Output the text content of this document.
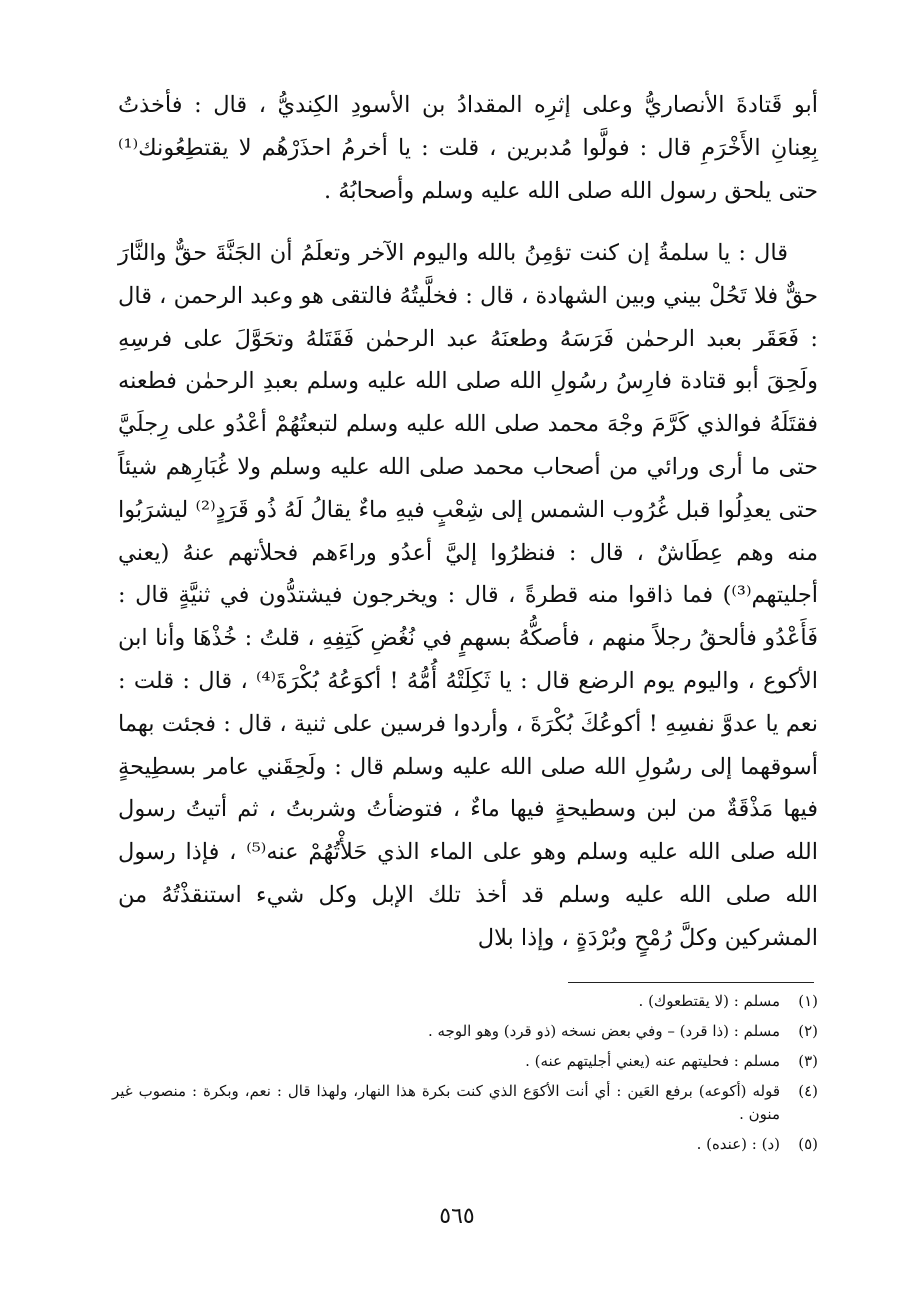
أبو قَتادةَ الأنصاريُّ وعلى إثرِه المقدادُ بن الأسودِ الكِنديُّ ، قال : فأخذتُ بِعِنانِ الأَخْرَمِ قال : فولَّوا مُدبرين ، قلت : يا أخرمُ احذَرْهُم لا يقتطِعُونك⁽¹⁾ حتى يلحق رسول الله صلى الله عليه وسلم وأصحابُهُ .

قال : يا سلمةُ إن كنت تؤمِنُ بالله واليوم الآخر وتعلَمُ أن الجَنَّةَ حقٌّ والنَّارَ حقٌّ فلا تَحُلْ بيني وبين الشهادة ، قال : فخلَّيتُهُ فالتقى هو وعبد الرحمن ، قال : فَعَقَر بعبد الرحمٰن فَرَسَهُ وطعنَهُ عبد الرحمٰن فَقَتَلهُ وتحَوَّلَ على فرسِهِ ولَحِقَ أبو قتادة فارِسُ رسُولِ الله صلى الله عليه وسلم بعبدِ الرحمٰن فطعنه فقتَلَهُ فوالذي كَرَّمَ وجْهَ محمد صلى الله عليه وسلم لتبعتُهُمْ أعْدُو على رِجلَيَّ حتى ما أرى ورائي من أصحاب محمد صلى الله عليه وسلم ولا غُبَارِهم شيئاً حتى يعدِلُوا قبل غُرُوب الشمس إلى شِعْبٍ فيهِ ماءٌ يقالُ لَهُ ذُو قَرَدٍ⁽²⁾ ليشرَبُوا منه وهم عِطَاشٌ ، قال : فنظرُوا إليَّ أعدُو وراءَهم فحلأتهم عنهُ (يعني أجليتهم⁽³⁾) فما ذاقوا منه قطرةً ، قال : ويخرجون فيشتدُّون في ثنيَّةٍ قال : فَأَعْدُو فألحقُ رجلاً منهم ، فأصكُّهُ بسهمٍ في نُغُضِ كَتِفِهِ ، قلتُ : خُذْهَا وأنا ابن الأكوع ، واليوم يوم الرضع قال : يا ثَكِلَتْهُ أُمُّهُ ! أكوَعُهُ بُكْرَةَ⁽⁴⁾ ، قال : قلت : نعم يا عدوَّ نفسِهِ ! أكوعُكَ بُكْرَةَ ، وأردوا فرسين على ثنية ، قال : فجئت بهما أسوقهما إلى رسُولِ الله صلى الله عليه وسلم قال : ولَحِقَني عامر بسطِيحةٍ فيها مَذْقَةٌ من لبن وسطيحةٍ فيها ماءٌ ، فتوضأتُ وشربتُ ، ثم أتيتُ رسول الله صلى الله عليه وسلم وهو على الماء الذي حَلأْتُهُمْ عنه⁽⁵⁾ ، فإذا رسول الله صلى الله عليه وسلم قد أخذ تلك الإبل وكل شيء استنقذْتُهُ من المشركين وكلَّ رُمْحٍ وبُرْدَةٍ ، وإذا بلال

(١)
مسلم : (لا يقتطعوك) .
(٢)
مسلم : (ذا قرد) – وفي بعض نسخه (ذو قرد) وهو الوجه .
(٣)
مسلم : فحليتهم عنه (يعني أجليتهم عنه) .
(٤)
قوله (أكوعه) برفع العَين : أي أنت الأكوَع الذي كنت بكرة هذا النهار، ولهذا قال : نعم، وبكرة : منصوب غير منون .
(٥)
(د) : (عنده) .
٥٦٥
